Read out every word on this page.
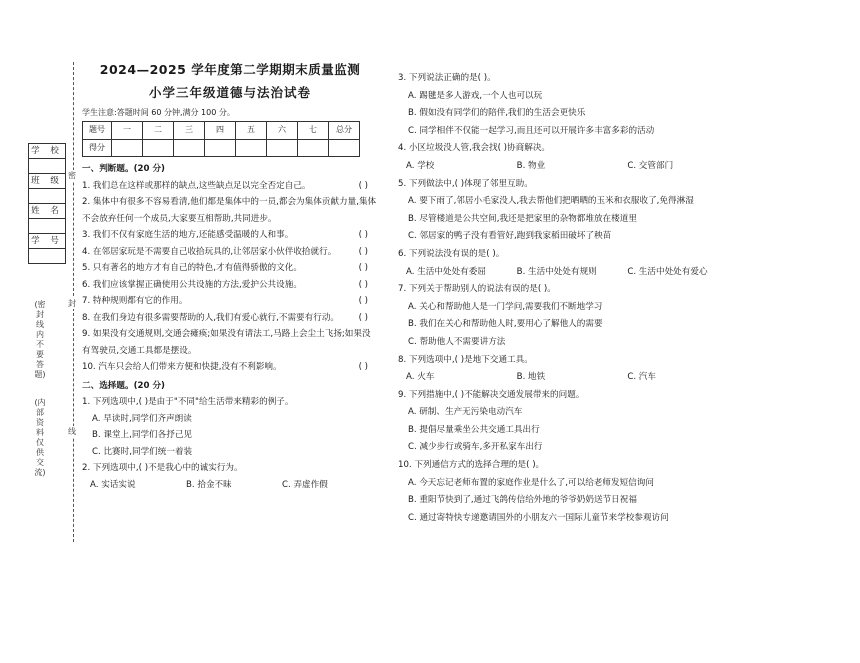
密
封
线
学 校
班 级
姓 名
学 号
(密封线内不要答题)
(内部资料 仅供交流)
2024—2025 学年度第二学期期末质量监测
小学三年级道德与法治试卷
学生注意:答题时间 60 分钟,满分 100 分。
题号	一	二	三	四	五	六	七	总分
得分								
一、判断题。(20 分)
1. 我们总在这样或那样的缺点,这些缺点足以完全否定自己。	( )
2. 集体中有很多不容易看清,他们都是集体中的一员,都会为集体贡献力量,集体不会放弃任何一个成员,大家要互相帮助,共同进步。
3. 我们不仅有家庭生活的地方,还能感受温暖的人和事。	( )
4. 在邻居家玩是不需要自己收拾玩具的,让邻居家小伙伴收拾就行。	( )
5. 只有著名的地方才有自己的特色,才有值得骄傲的文化。	( )
6. 我们应该掌握正确使用公共设施的方法,爱护公共设施。	( )
7. 特种规则都有它的作用。	( )
8. 在我们身边有很多需要帮助的人,我们有爱心就行,不需要有行动。 ( )
9. 如果没有交通规则,交通会瘫痪;如果没有请法工,马路上会尘土飞扬;如果没有驾驶员,交通工具都是摆设。
10. 汽车只会给人们带来方便和快捷,没有不利影响。	( )
二、选择题。(20 分)
1. 下列选项中,( )是由于"不同"给生活带来精彩的例子。
A. 早读时,同学们齐声朗读
B. 课堂上,同学们各抒己见
C. 比赛时,同学们统一着装
2. 下列选项中,( )不是我心中的诚实行为。
A. 实话实说	B. 拾金不昧	C. 弄虚作假
3. 下列说法正确的是( )。
A. 踢毽是多人游戏,一个人也可以玩
B. 假如没有同学们的陪伴,我们的生活会更快乐
C. 同学相伴不仅能一起学习,而且还可以开展许多丰富多彩的活动
4. 小区垃圾没人管,我会找( )协商解决。
A. 学校	B. 物业	C. 交管部门
5. 下列做法中,( )体现了邻里互助。
A. 要下雨了,邻居小毛家没人,我去帮他们把晒晒的玉米和衣服收了,免得淋湿
B. 尽管楼道是公共空间,我还是把家里的杂物都堆放在楼道里
C. 邻居家的鸭子没有看管好,跑到我家稻田破坏了秧苗
6. 下列说法没有误的是( )。
A. 生活中处处有委屈	B. 生活中处处有规则	C. 生活中处处有爱心
7. 下列关于帮助别人的说法有误的是( )。
A. 关心和帮助他人是一门学问,需要我们不断地学习
B. 我们在关心和帮助他人时,要用心了解他人的需要
C. 帮助他人不需要讲方法
8. 下列选项中,( )是地下交通工具。
A. 火车	B. 地铁	C. 汽车
9. 下列措施中,( )不能解决交通发展带来的问题。
A. 研制、生产无污染电动汽车
B. 提倡尽量乘坐公共交通工具出行
C. 减少步行或骑车,多开私家车出行
10. 下列通信方式的选择合理的是( )。
A. 今天忘记老师布置的家庭作业是什么了,可以给老师发短信询问
B. 重阳节快到了,通过飞鸽传信给外地的爷爷奶奶送节日祝福
C. 通过寄特快专递邀请国外的小朋友六一国际儿童节来学校参观访问
